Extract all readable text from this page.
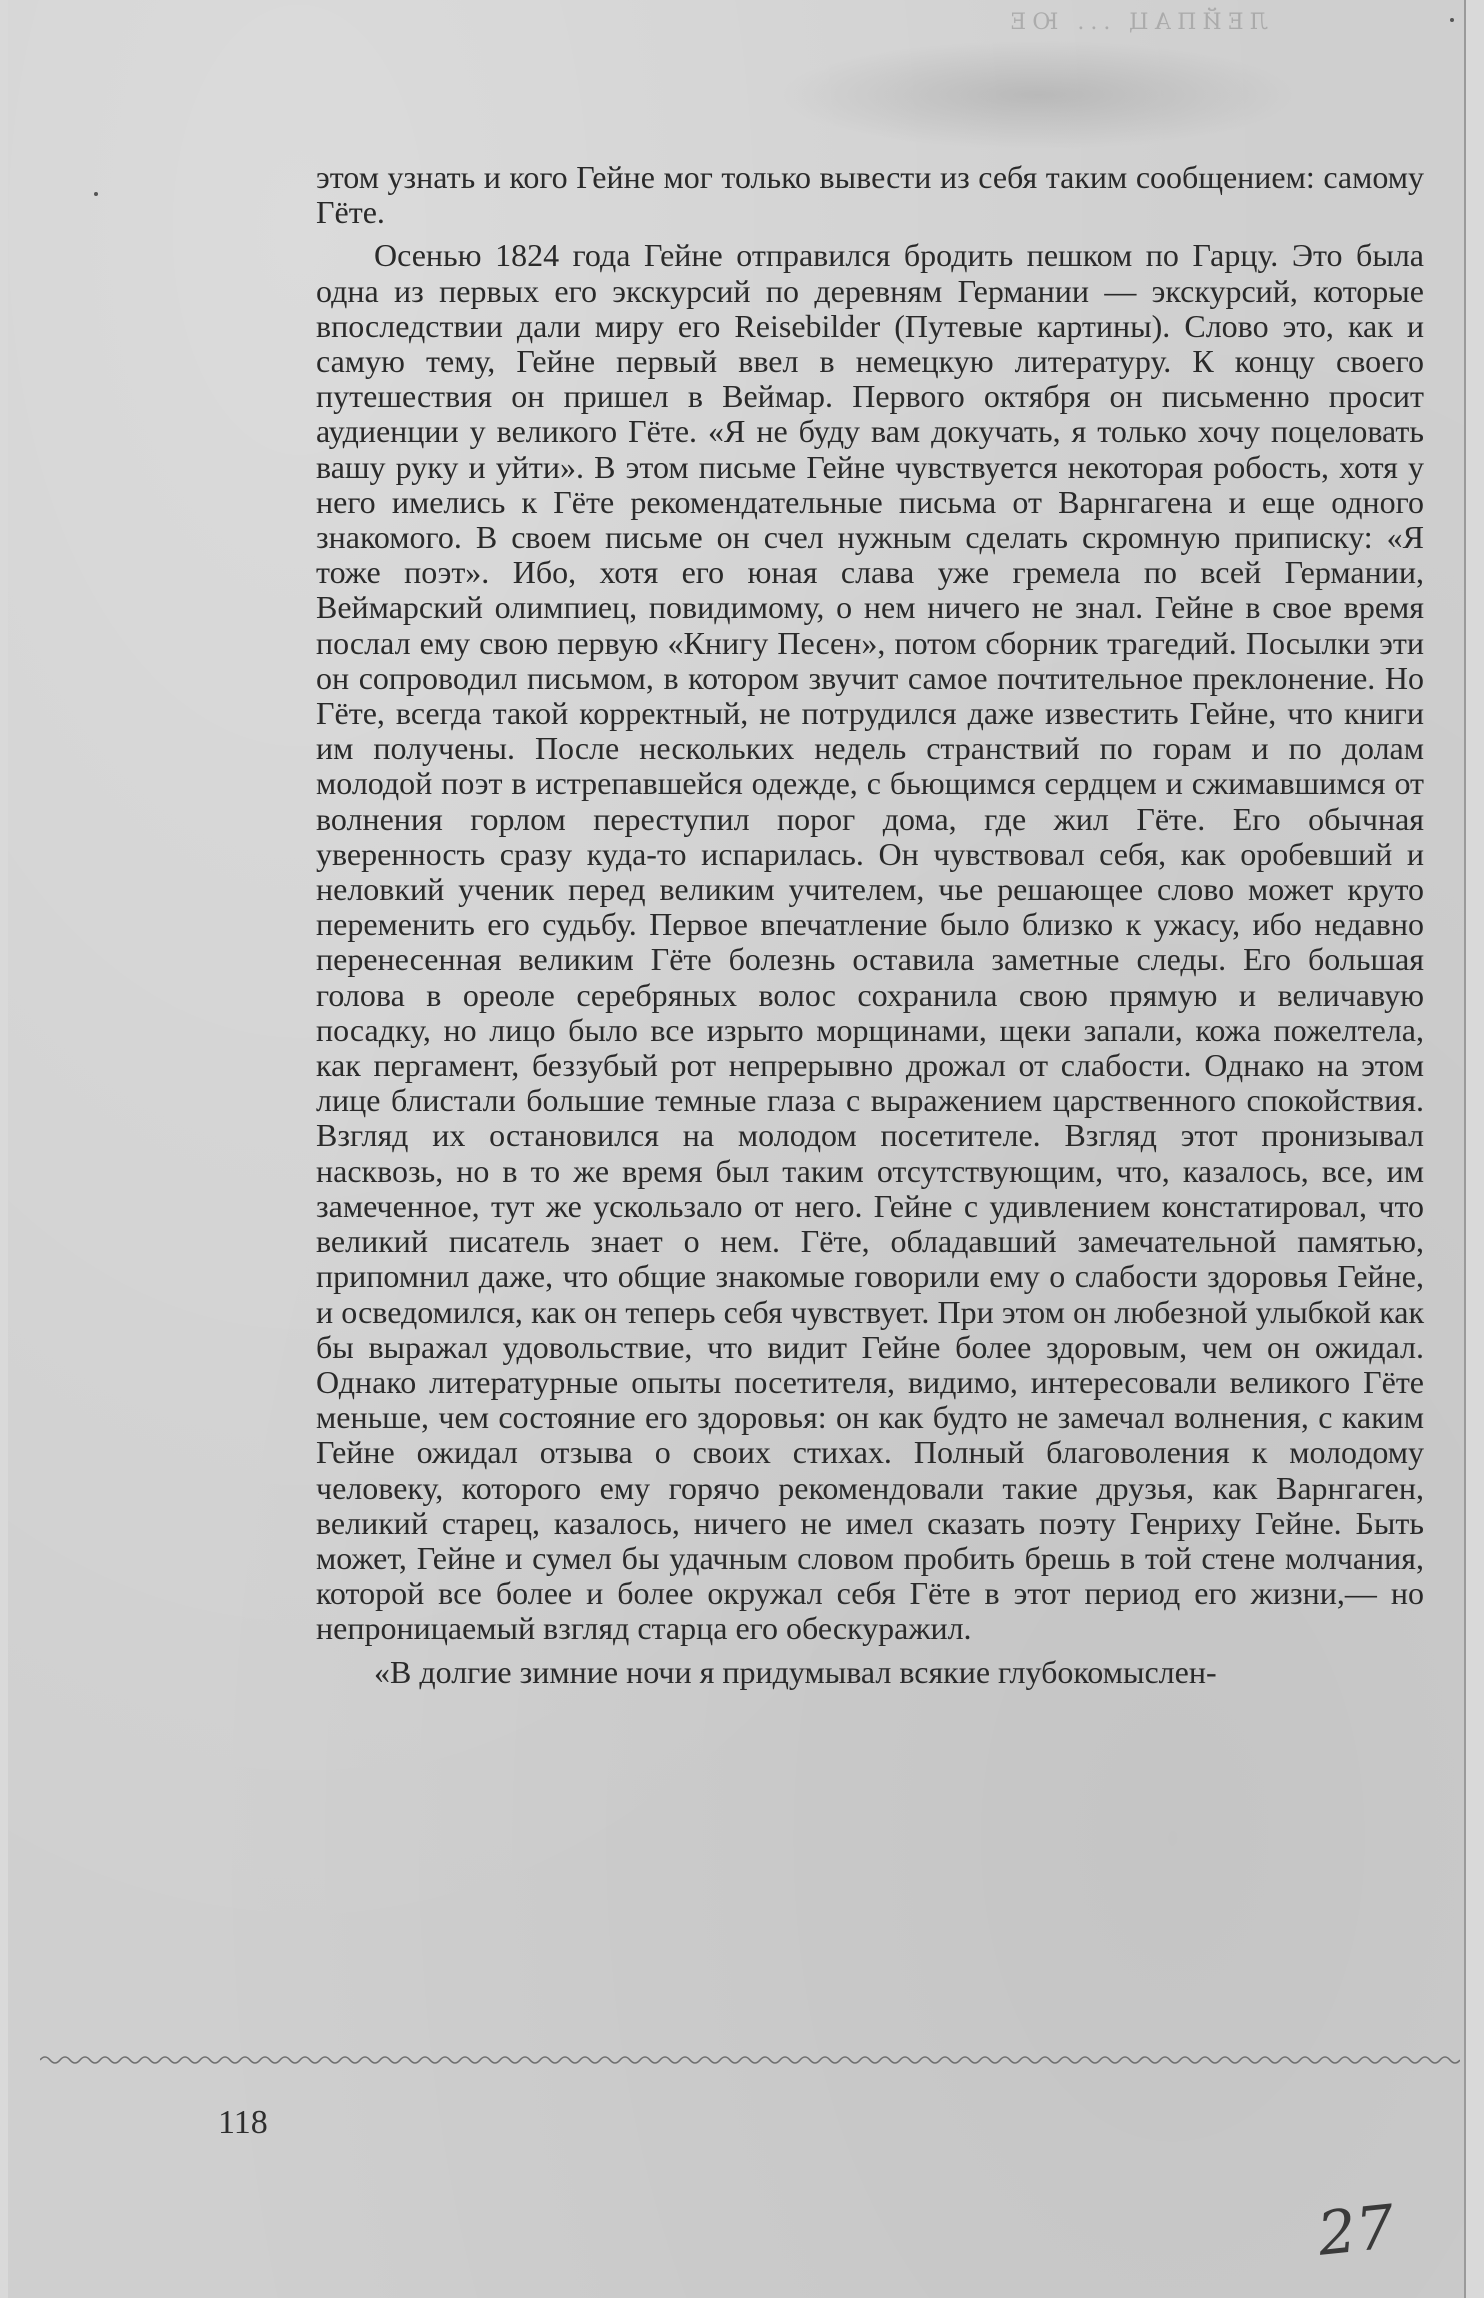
ЛЕЙПАЦ ... ЮЕ

этом узнать и кого Гейне мог только вывести из себя таким сообщением: самому Гёте.

Осенью 1824 года Гейне отправился бродить пешком по Гарцу. Это была одна из первых его экскурсий по деревням Германии — экскурсий, которые впоследствии дали миру его Reisebilder (Путевые картины). Слово это, как и самую тему, Гейне первый ввел в немецкую литературу. К концу своего путешествия он пришел в Веймар. Первого октября он письменно просит аудиенции у великого Гёте. «Я не буду вам докучать, я только хочу поцеловать вашу руку и уйти». В этом письме Гейне чувствуется некоторая робость, хотя у него имелись к Гёте рекомендательные письма от Варнгагена и еще одного знакомого. В своем письме он счел нужным сделать скромную приписку: «Я тоже поэт». Ибо, хотя его юная слава уже гремела по всей Германии, Веймарский олимпиец, повидимому, о нем ничего не знал. Гейне в свое время послал ему свою первую «Книгу Песен», потом сборник трагедий. Посылки эти он сопроводил письмом, в котором звучит самое почтительное преклонение. Но Гёте, всегда такой корректный, не потрудился даже известить Гейне, что книги им получены. После нескольких недель странствий по горам и по долам молодой поэт в истрепавшейся одежде, с бьющимся сердцем и сжимавшимся от волнения горлом переступил порог дома, где жил Гёте. Его обычная уверенность сразу куда-то испарилась. Он чувствовал себя, как оробевший и неловкий ученик перед великим учителем, чье решающее слово может круто переменить его судьбу. Первое впечатление было близко к ужасу, ибо недавно перенесенная великим Гёте болезнь оставила заметные следы. Его большая голова в ореоле серебряных волос сохранила свою прямую и величавую посадку, но лицо было все изрыто морщинами, щеки запали, кожа пожелтела, как пергамент, беззубый рот непрерывно дрожал от слабости. Однако на этом лице блистали большие темные глаза с выражением царственного спокойствия. Взгляд их остановился на молодом посетителе. Взгляд этот пронизывал насквозь, но в то же время был таким отсутствующим, что, казалось, все, им замеченное, тут же ускользало от него. Гейне с удивлением констатировал, что великий писатель знает о нем. Гёте, обладавший замечательной памятью, припомнил даже, что общие знакомые говорили ему о слабости здоровья Гейне, и осведомился, как он теперь себя чувствует. При этом он любезной улыбкой как бы выражал удовольствие, что видит Гейне более здоровым, чем он ожидал. Однако литературные опыты посетителя, видимо, интересовали великого Гёте меньше, чем состояние его здоровья: он как будто не замечал волнения, с каким Гейне ожидал отзыва о своих стихах. Полный благоволения к молодому человеку, которого ему горячо рекомендовали такие друзья, как Варнгаген, великий старец, казалось, ничего не имел сказать поэту Генриху Гейне. Быть может, Гейне и сумел бы удачным словом пробить брешь в той стене молчания, которой все более и более окружал себя Гёте в этот период его жизни,— но непроницаемый взгляд старца его обескуражил.

«В долгие зимние ночи я придумывал всякие глубокомыслен-

118
27
